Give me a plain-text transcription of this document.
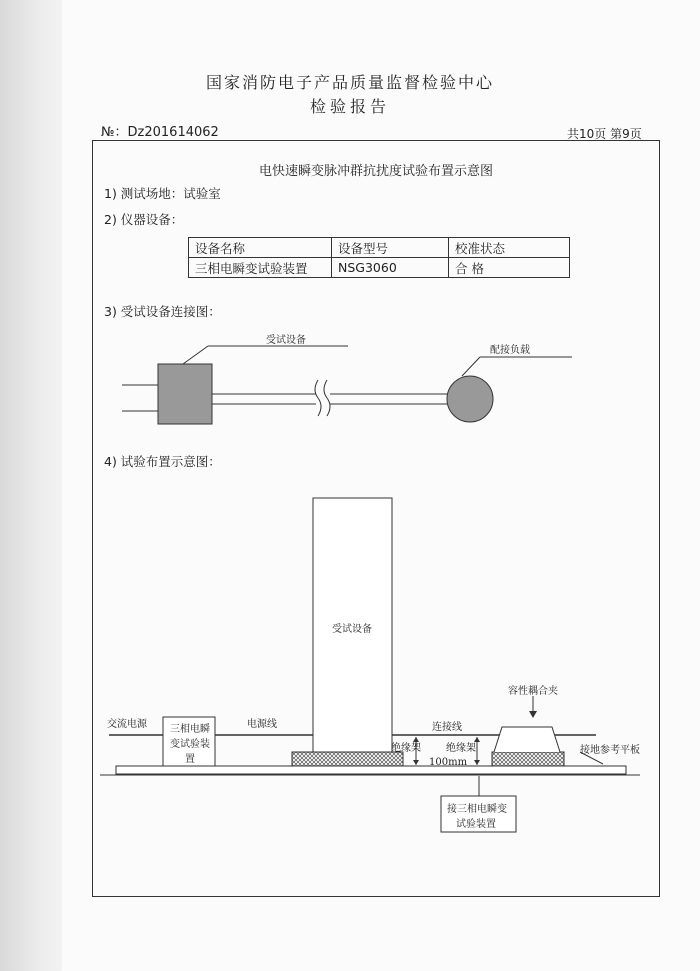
国家消防电子产品质量监督检验中心
检验报告
№：Dz201614062	共10页 第9页
电快速瞬变脉冲群抗扰度试验布置示意图
1) 测试场地：试验室
2) 仪器设备：
设备名称	设备型号	校准状态
三相电瞬变试验装置	NSG3060	合 格
3) 受试设备连接图：
4) 试验布置示意图：
受试设备
配接负载
受试设备
交流电源 三相电瞬
变试验装
置
电源线	连接线
容性耦合夹
绝缘架	绝缘架
100mm
接地参考平板
接三相电瞬变
试验装置
